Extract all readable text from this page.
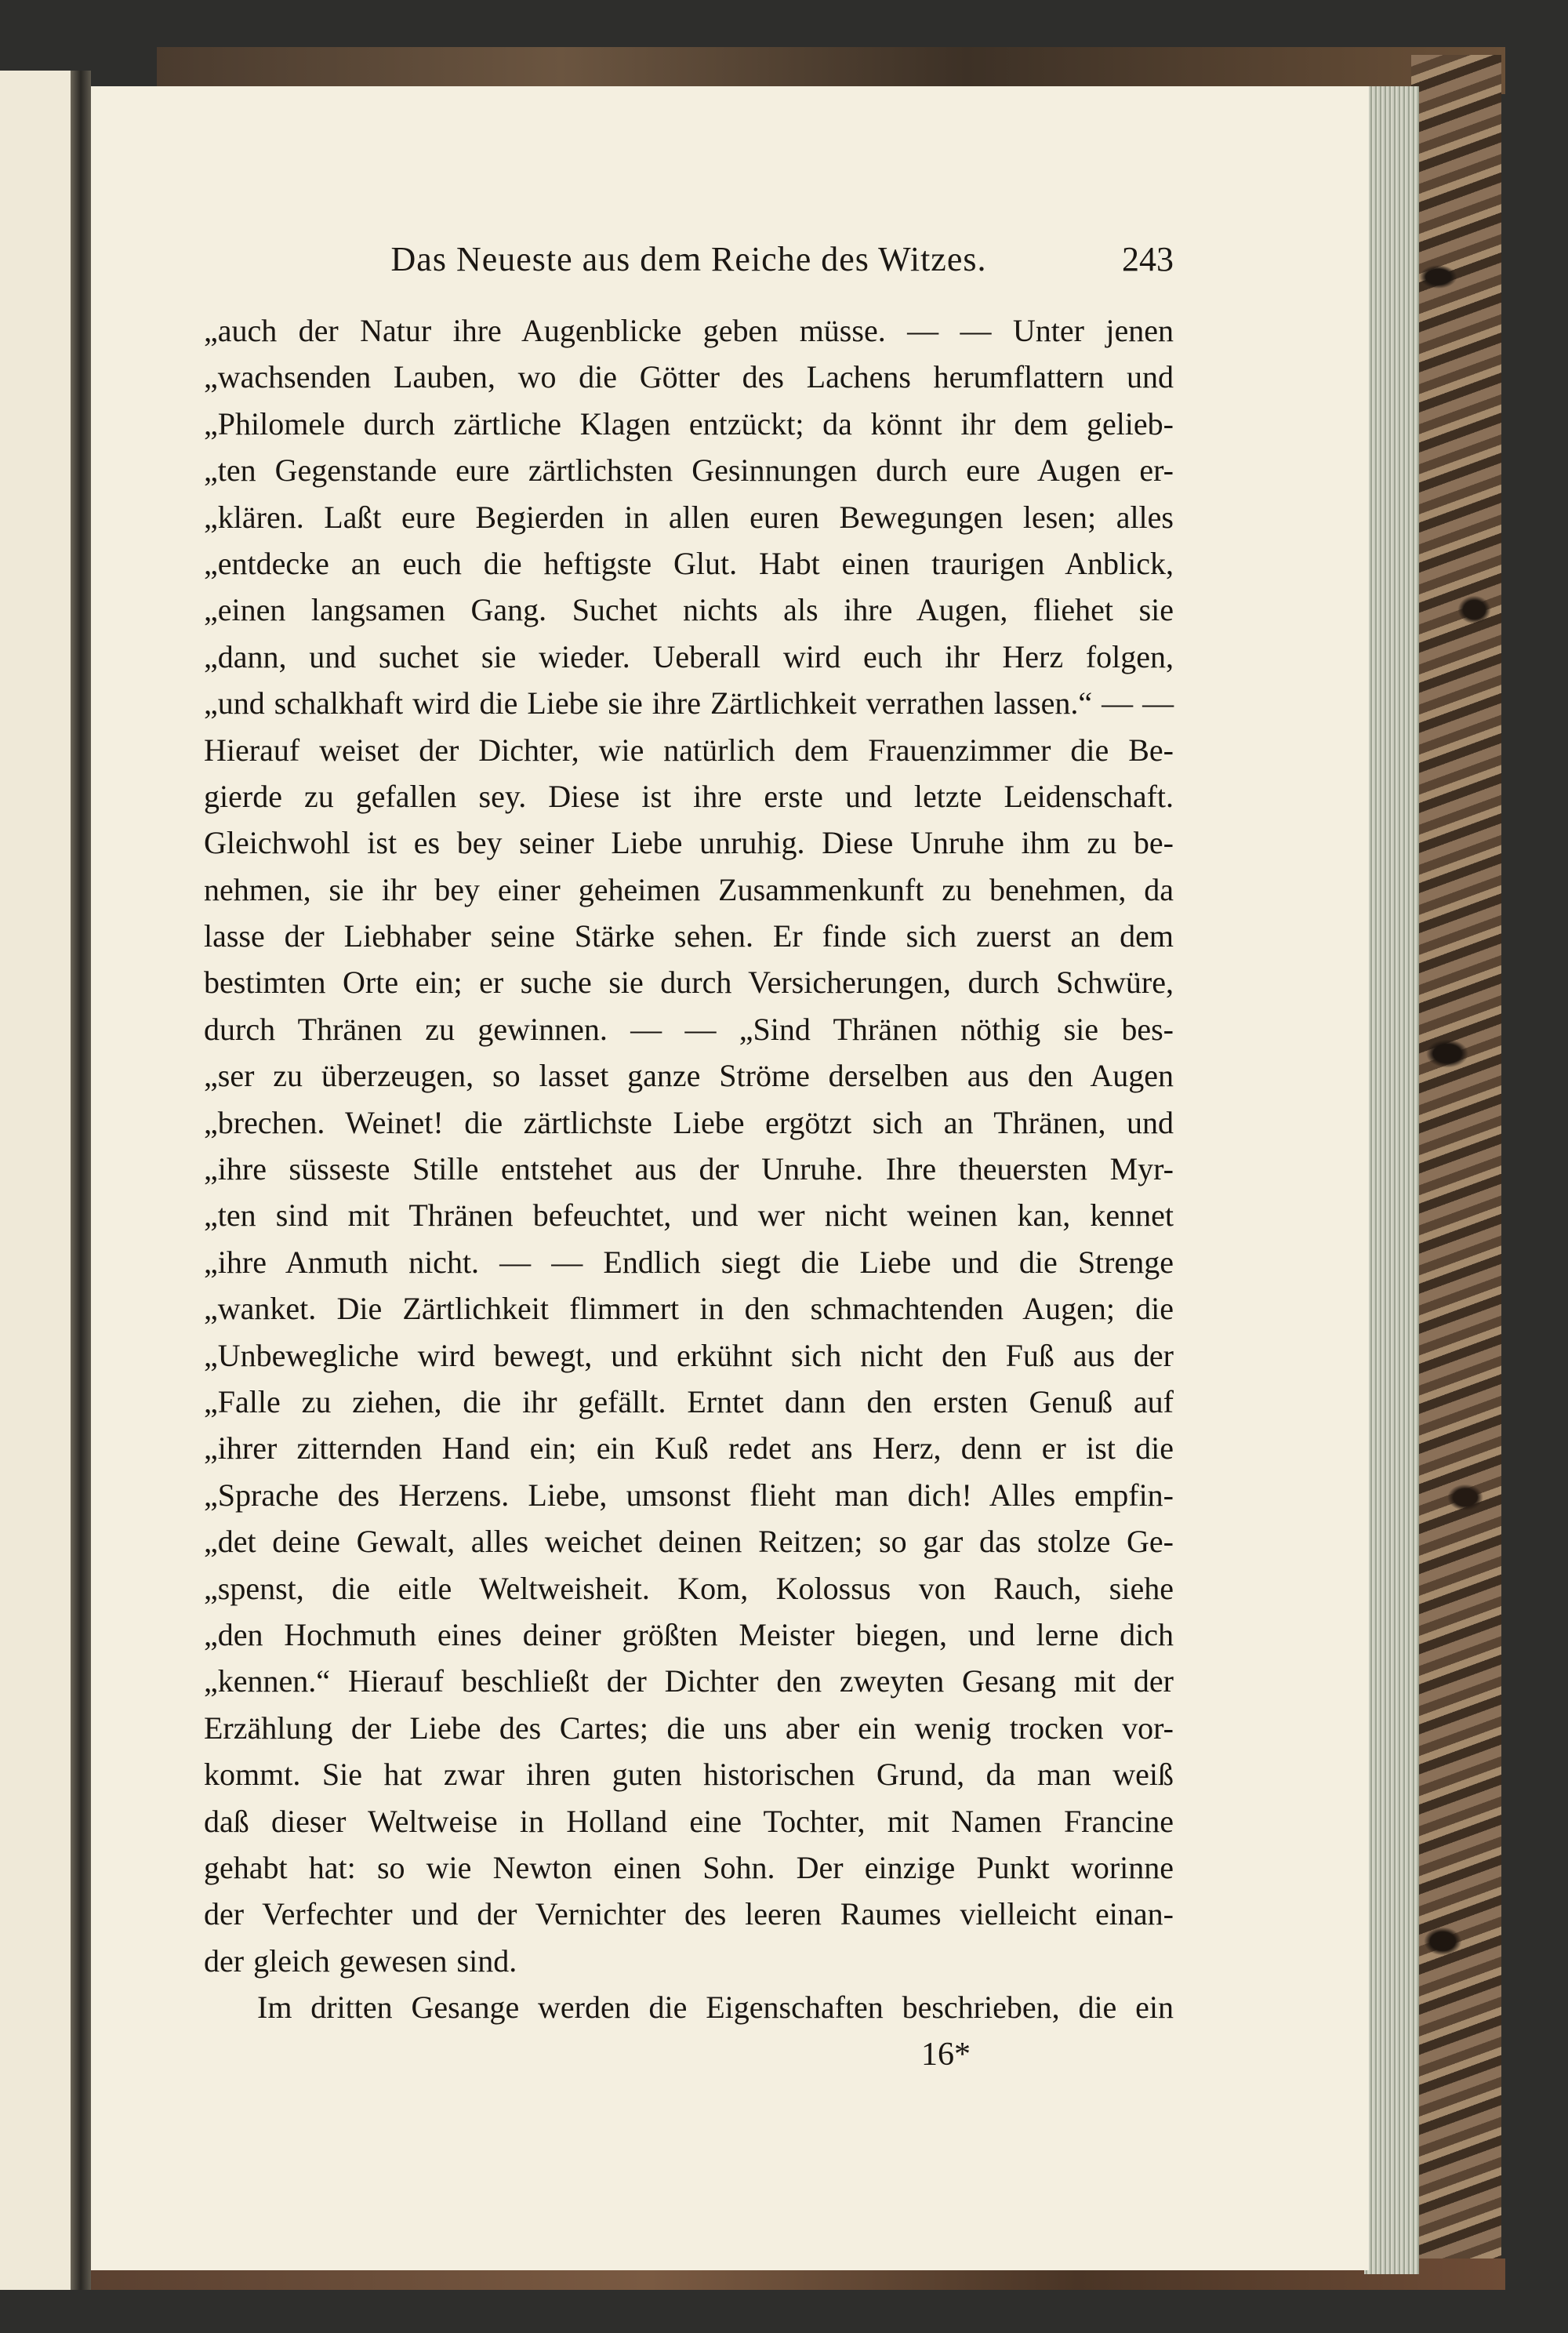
Das Neueste aus dem Reiche des Witzes.	243
„auch der Natur ihre Augenblicke geben müsse. — — Unter jenen
„wachsenden Lauben, wo die Götter des Lachens herumflattern und
„Philomele durch zärtliche Klagen entzückt; da könnt ihr dem gelieb-
„ten Gegenstande eure zärtlichsten Gesinnungen durch eure Augen er-
„klären. Laßt eure Begierden in allen euren Bewegungen lesen; alles
„entdecke an euch die heftigste Glut. Habt einen traurigen Anblick,
„einen langsamen Gang. Suchet nichts als ihre Augen, fliehet sie
„dann, und suchet sie wieder. Ueberall wird euch ihr Herz folgen,
„und schalkhaft wird die Liebe sie ihre Zärtlichkeit verrathen lassen.“ — —
Hierauf weiset der Dichter, wie natürlich dem Frauenzimmer die Be-
gierde zu gefallen sey. Diese ist ihre erste und letzte Leidenschaft.
Gleichwohl ist es bey seiner Liebe unruhig. Diese Unruhe ihm zu be-
nehmen, sie ihr bey einer geheimen Zusammenkunft zu benehmen, da
lasse der Liebhaber seine Stärke sehen. Er finde sich zuerst an dem
bestimten Orte ein; er suche sie durch Versicherungen, durch Schwüre,
durch Thränen zu gewinnen. — — „Sind Thränen nöthig sie bes-
„ser zu überzeugen, so lasset ganze Ströme derselben aus den Augen
„brechen. Weinet! die zärtlichste Liebe ergötzt sich an Thränen, und
„ihre süsseste Stille entstehet aus der Unruhe. Ihre theuersten Myr-
„ten sind mit Thränen befeuchtet, und wer nicht weinen kan, kennet
„ihre Anmuth nicht. — — Endlich siegt die Liebe und die Strenge
„wanket. Die Zärtlichkeit flimmert in den schmachtenden Augen; die
„Unbewegliche wird bewegt, und erkühnt sich nicht den Fuß aus der
„Falle zu ziehen, die ihr gefällt. Erntet dann den ersten Genuß auf
„ihrer zitternden Hand ein; ein Kuß redet ans Herz, denn er ist die
„Sprache des Herzens. Liebe, umsonst flieht man dich! Alles empfin-
„det deine Gewalt, alles weichet deinen Reitzen; so gar das stolze Ge-
„spenst, die eitle Weltweisheit. Kom, Kolossus von Rauch, siehe
„den Hochmuth eines deiner größten Meister biegen, und lerne dich
„kennen.“ Hierauf beschließt der Dichter den zweyten Gesang mit der
Erzählung der Liebe des Cartes; die uns aber ein wenig trocken vor-
kommt. Sie hat zwar ihren guten historischen Grund, da man weiß
daß dieser Weltweise in Holland eine Tochter, mit Namen Francine
gehabt hat: so wie Newton einen Sohn. Der einzige Punkt worinne
der Verfechter und der Vernichter des leeren Raumes vielleicht einan-
der gleich gewesen sind.
Im dritten Gesange werden die Eigenschaften beschrieben, die ein
16*
